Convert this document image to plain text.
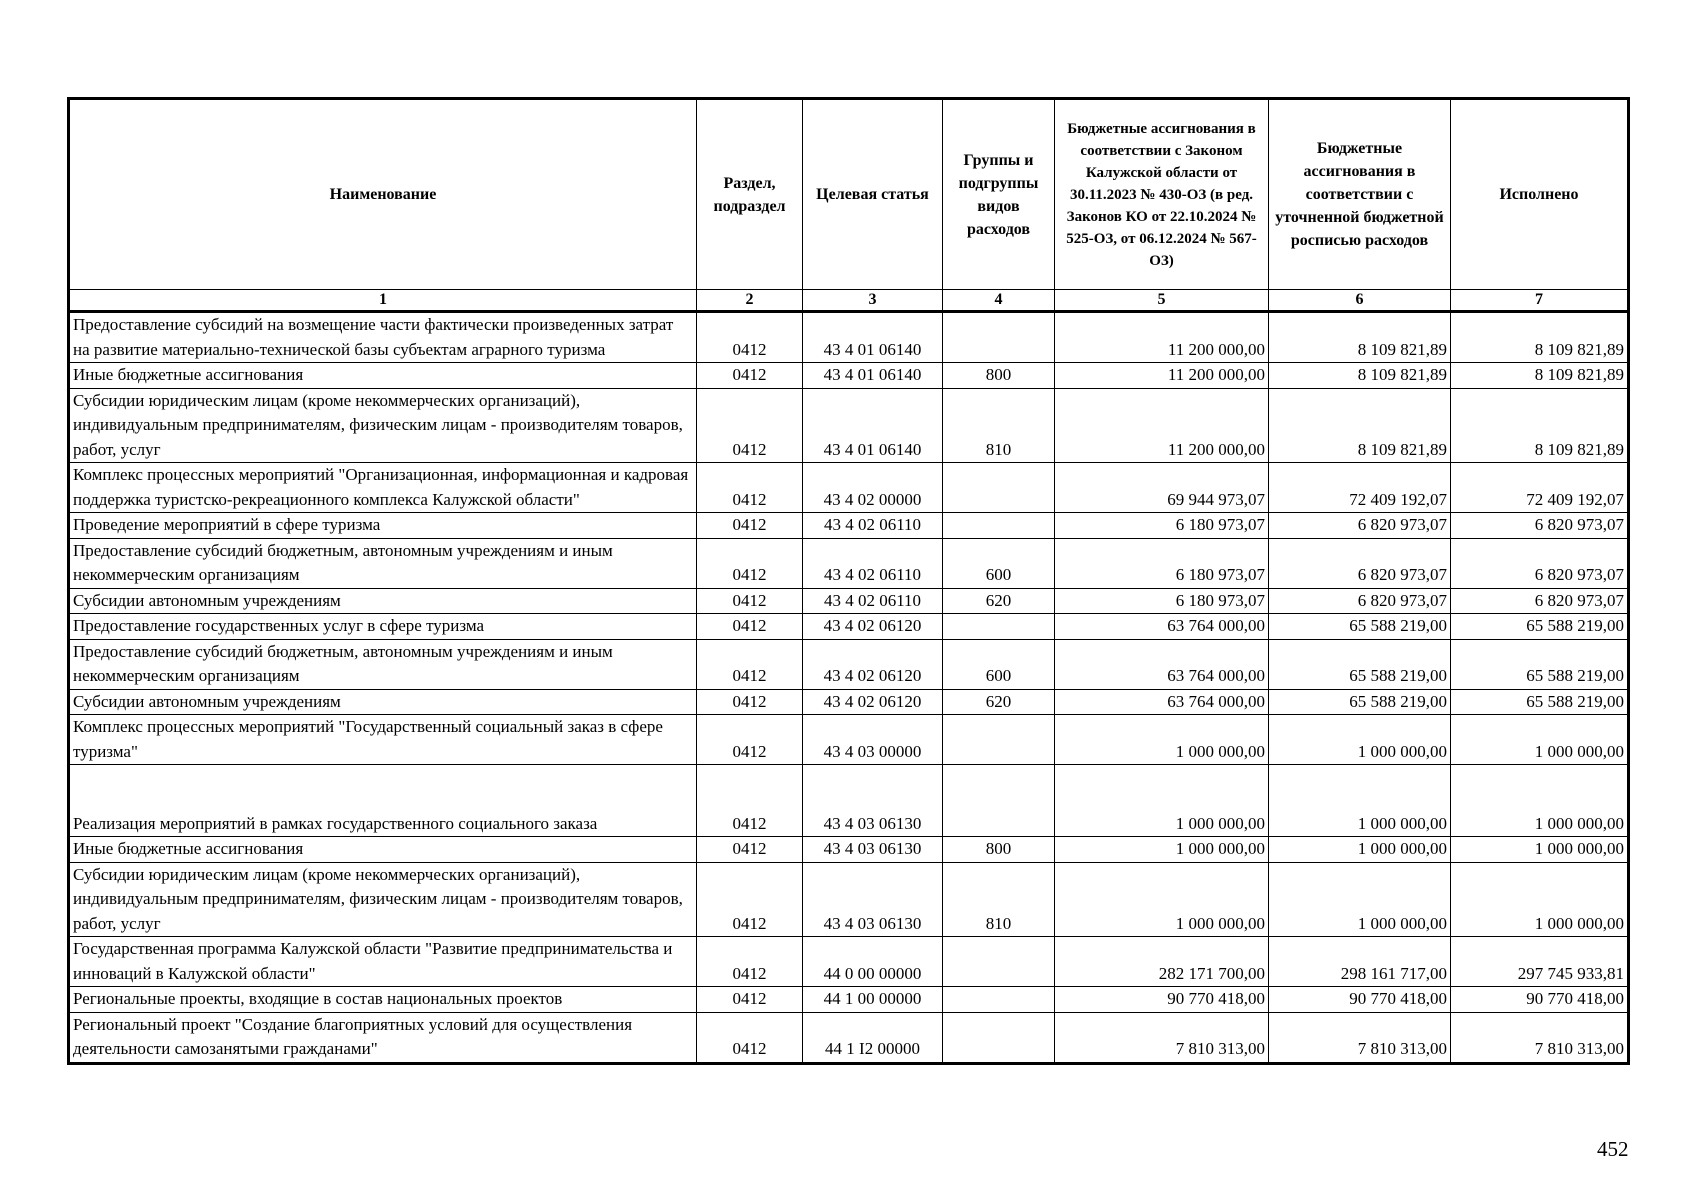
Наименование	Раздел, подраздел	Целевая статья	Группы и подгруппы видов расходов	Бюджетные ассигнования в соответствии с Законом Калужской области от 30.11.2023 № 430-ОЗ (в ред. Законов КО от 22.10.2024 № 525-ОЗ, от 06.12.2024 № 567-ОЗ)	Бюджетные ассигнования в соответствии с уточненной бюджетной росписью расходов	Исполнено
1	2	3	4	5	6	7
Предоставление субсидий на возмещение части фактически произведенных затрат на развитие материально-технической базы субъектам аграрного туризма	0412	43 4 01 06140		11 200 000,00	8 109 821,89	8 109 821,89
Иные бюджетные ассигнования	0412	43 4 01 06140	800	11 200 000,00	8 109 821,89	8 109 821,89
Субсидии юридическим лицам (кроме некоммерческих организаций), индивидуальным предпринимателям, физическим лицам - производителям товаров, работ, услуг	0412	43 4 01 06140	810	11 200 000,00	8 109 821,89	8 109 821,89
Комплекс процессных мероприятий "Организационная, информационная и кадровая поддержка туристско-рекреационного комплекса Калужской области"	0412	43 4 02 00000		69 944 973,07	72 409 192,07	72 409 192,07
Проведение мероприятий в сфере туризма	0412	43 4 02 06110		6 180 973,07	6 820 973,07	6 820 973,07
Предоставление субсидий бюджетным, автономным учреждениям и иным некоммерческим организациям	0412	43 4 02 06110	600	6 180 973,07	6 820 973,07	6 820 973,07
Субсидии автономным учреждениям	0412	43 4 02 06110	620	6 180 973,07	6 820 973,07	6 820 973,07
Предоставление государственных услуг в сфере туризма	0412	43 4 02 06120		63 764 000,00	65 588 219,00	65 588 219,00
Предоставление субсидий бюджетным, автономным учреждениям и иным некоммерческим организациям	0412	43 4 02 06120	600	63 764 000,00	65 588 219,00	65 588 219,00
Субсидии автономным учреждениям	0412	43 4 02 06120	620	63 764 000,00	65 588 219,00	65 588 219,00
Комплекс процессных мероприятий "Государственный социальный заказ в сфере туризма"	0412	43 4 03 00000		1 000 000,00	1 000 000,00	1 000 000,00
Реализация мероприятий в рамках государственного социального заказа	0412	43 4 03 06130		1 000 000,00	1 000 000,00	1 000 000,00
Иные бюджетные ассигнования	0412	43 4 03 06130	800	1 000 000,00	1 000 000,00	1 000 000,00
Субсидии юридическим лицам (кроме некоммерческих организаций), индивидуальным предпринимателям, физическим лицам - производителям товаров, работ, услуг	0412	43 4 03 06130	810	1 000 000,00	1 000 000,00	1 000 000,00
Государственная программа Калужской области "Развитие предпринимательства и инноваций в Калужской области"	0412	44 0 00 00000		282 171 700,00	298 161 717,00	297 745 933,81
Региональные проекты, входящие в состав национальных проектов	0412	44 1 00 00000		90 770 418,00	90 770 418,00	90 770 418,00
Региональный проект "Создание благоприятных условий для осуществления деятельности самозанятыми гражданами"	0412	44 1 I2 00000		7 810 313,00	7 810 313,00	7 810 313,00
452
